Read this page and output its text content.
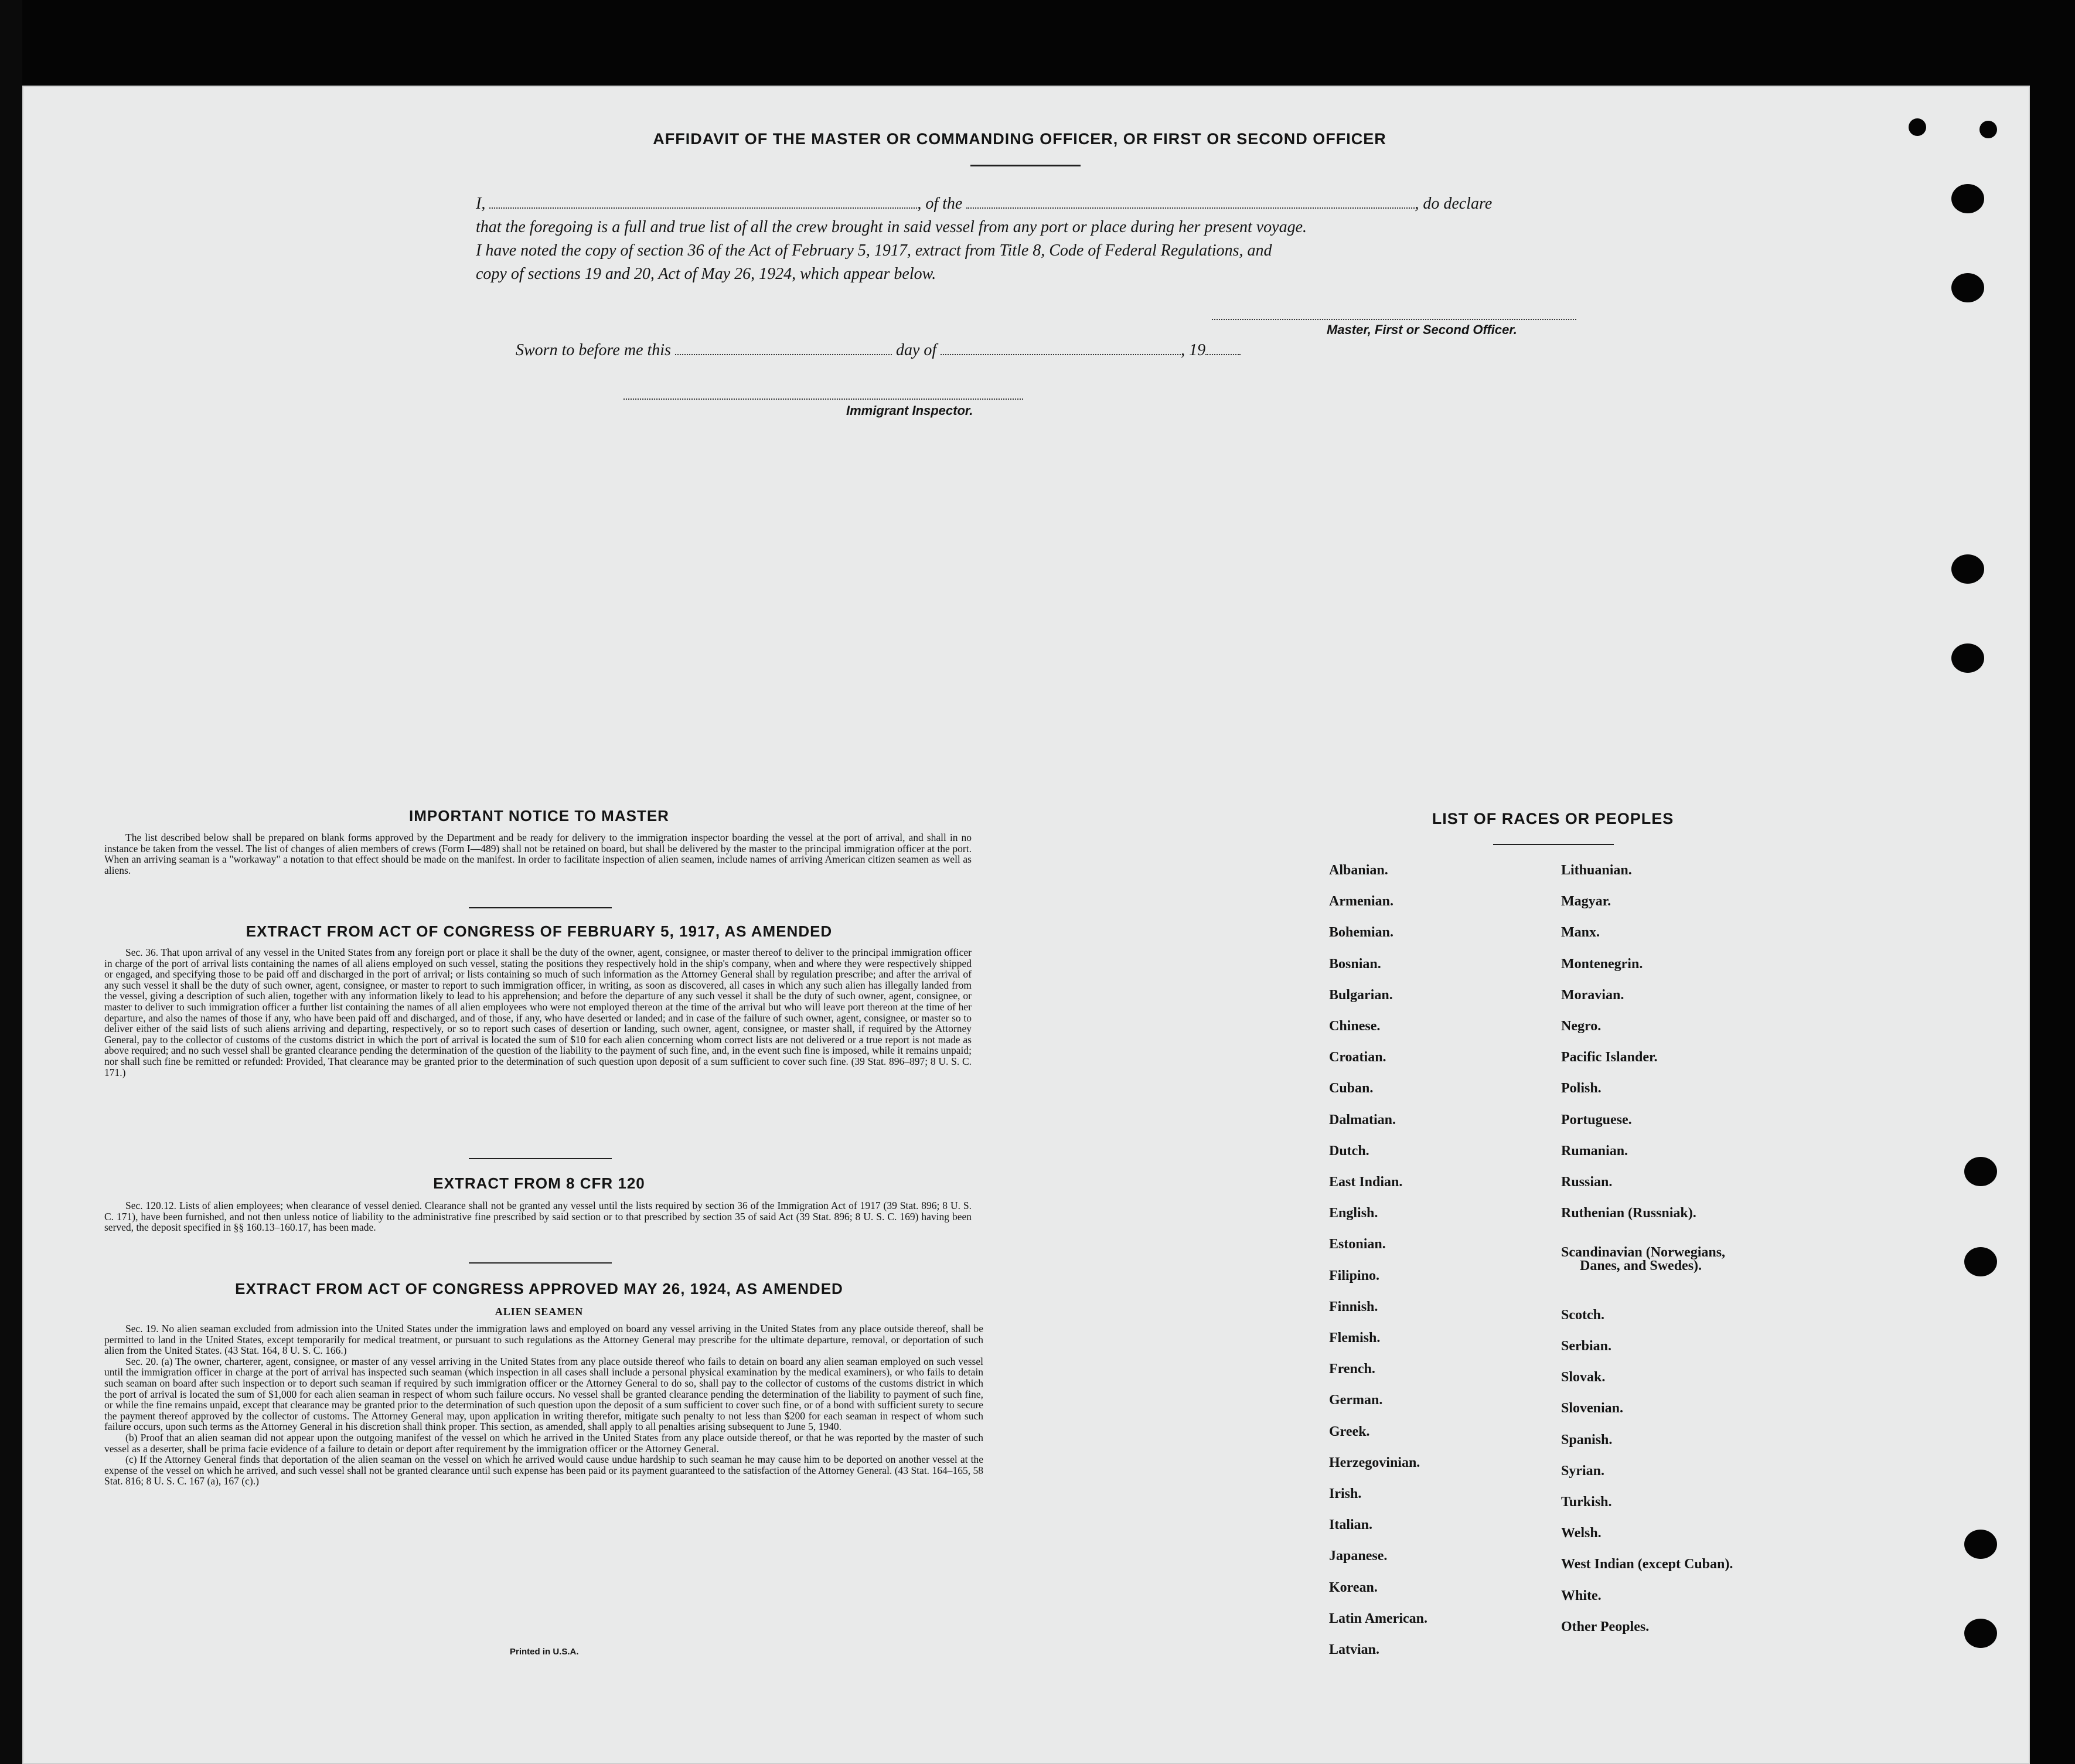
AFFIDAVIT OF THE MASTER OR COMMANDING OFFICER, OR FIRST OR SECOND OFFICER
I,	, of the	, do declare
that the foregoing is a full and true list of all the crew brought in said vessel from any port or place during her present voyage.
I have noted the copy of section 36 of the Act of February 5, 1917, extract from Title 8, Code of Federal Regulations, and
copy of sections 19 and 20, Act of May 26, 1924, which appear below.
Master, First or Second Officer.
Sworn to before me this	day of	, 19
Immigrant Inspector.
IMPORTANT NOTICE TO MASTER

The list described below shall be prepared on blank forms approved by the Department and be ready for delivery to the immigration inspector boarding the vessel at the port of arrival, and shall in no instance be taken from the vessel. The list of changes of alien members of crews (Form I—489) shall not be retained on board, but shall be delivered by the master to the principal immigration officer at the port. When an arriving seaman is a "workaway" a notation to that effect should be made on the manifest. In order to facilitate inspection of alien seamen, include names of arriving American citizen seamen as well as aliens.

EXTRACT FROM ACT OF CONGRESS OF FEBRUARY 5, 1917, AS AMENDED

Sec. 36. That upon arrival of any vessel in the United States from any foreign port or place it shall be the duty of the owner, agent, consignee, or master thereof to deliver to the principal immigration officer in charge of the port of arrival lists containing the names of all aliens employed on such vessel, stating the positions they respectively hold in the ship's company, when and where they were respectively shipped or engaged, and specifying those to be paid off and discharged in the port of arrival; or lists containing so much of such information as the Attorney General shall by regulation prescribe; and after the arrival of any such vessel it shall be the duty of such owner, agent, consignee, or master to report to such immigration officer, in writing, as soon as discovered, all cases in which any such alien has illegally landed from the vessel, giving a description of such alien, together with any information likely to lead to his apprehension; and before the departure of any such vessel it shall be the duty of such owner, agent, consignee, or master to deliver to such immigration officer a further list containing the names of all alien employees who were not employed thereon at the time of the arrival but who will leave port thereon at the time of her departure, and also the names of those if any, who have been paid off and discharged, and of those, if any, who have deserted or landed; and in case of the failure of such owner, agent, consignee, or master so to deliver either of the said lists of such aliens arriving and departing, respectively, or so to report such cases of desertion or landing, such owner, agent, consignee, or master shall, if required by the Attorney General, pay to the collector of customs of the customs district in which the port of arrival is located the sum of $10 for each alien concerning whom correct lists are not delivered or a true report is not made as above required; and no such vessel shall be granted clearance pending the determination of the question of the liability to the payment of such fine, and, in the event such fine is imposed, while it remains unpaid; nor shall such fine be remitted or refunded: Provided, That clearance may be granted prior to the determination of such question upon deposit of a sum sufficient to cover such fine. (39 Stat. 896–897; 8 U. S. C. 171.)

EXTRACT FROM 8 CFR 120

Sec. 120.12. Lists of alien employees; when clearance of vessel denied. Clearance shall not be granted any vessel until the lists required by section 36 of the Immigration Act of 1917 (39 Stat. 896; 8 U. S. C. 171), have been furnished, and not then unless notice of liability to the administrative fine prescribed by said section or to that prescribed by section 35 of said Act (39 Stat. 896; 8 U. S. C. 169) having been served, the deposit specified in §§ 160.13–160.17, has been made.

EXTRACT FROM ACT OF CONGRESS APPROVED MAY 26, 1924, AS AMENDED
ALIEN SEAMEN

Sec. 19. No alien seaman excluded from admission into the United States under the immigration laws and employed on board any vessel arriving in the United States from any place outside thereof, shall be permitted to land in the United States, except temporarily for medical treatment, or pursuant to such regulations as the Attorney General may prescribe for the ultimate departure, removal, or deportation of such alien from the United States. (43 Stat. 164, 8 U. S. C. 166.)

Sec. 20. (a) The owner, charterer, agent, consignee, or master of any vessel arriving in the United States from any place outside thereof who fails to detain on board any alien seaman employed on such vessel until the immigration officer in charge at the port of arrival has inspected such seaman (which inspection in all cases shall include a personal physical examination by the medical examiners), or who fails to detain such seaman on board after such inspection or to deport such seaman if required by such immigration officer or the Attorney General to do so, shall pay to the collector of customs of the customs district in which the port of arrival is located the sum of $1,000 for each alien seaman in respect of whom such failure occurs. No vessel shall be granted clearance pending the determination of the liability to payment of such fine, or while the fine remains unpaid, except that clearance may be granted prior to the determination of such question upon the deposit of a sum sufficient to cover such fine, or of a bond with sufficient surety to secure the payment thereof approved by the collector of customs. The Attorney General may, upon application in writing therefor, mitigate such penalty to not less than $200 for each seaman in respect of whom such failure occurs, upon such terms as the Attorney General in his discretion shall think proper. This section, as amended, shall apply to all penalties arising subsequent to June 5, 1940.

(b) Proof that an alien seaman did not appear upon the outgoing manifest of the vessel on which he arrived in the United States from any place outside thereof, or that he was reported by the master of such vessel as a deserter, shall be prima facie evidence of a failure to detain or deport after requirement by the immigration officer or the Attorney General.

(c) If the Attorney General finds that deportation of the alien seaman on the vessel on which he arrived would cause undue hardship to such seaman he may cause him to be deported on another vessel at the expense of the vessel on which he arrived, and such vessel shall not be granted clearance until such expense has been paid or its payment guaranteed to the satisfaction of the Attorney General. (43 Stat. 164–165, 58 Stat. 816; 8 U. S. C. 167 (a), 167 (c).)

Printed in U.S.A.
LIST OF RACES OR PEOPLES
Albanian.
Armenian.
Bohemian.
Bosnian.
Bulgarian.
Chinese.
Croatian.
Cuban.
Dalmatian.
Dutch.
East Indian.
English.
Estonian.
Filipino.
Finnish.
Flemish.
French.
German.
Greek.
Herzegovinian.
Irish.
Italian.
Japanese.
Korean.
Latin American.
Latvian.
Lithuanian.
Magyar.
Manx.
Montenegrin.
Moravian.
Negro.
Pacific Islander.
Polish.
Portuguese.
Rumanian.
Russian.
Ruthenian (Russniak).
Scandinavian (Norwegians,
Danes, and Swedes).
Scotch.
Serbian.
Slovak.
Slovenian.
Spanish.
Syrian.
Turkish.
Welsh.
West Indian (except Cuban).
White.
Other Peoples.
